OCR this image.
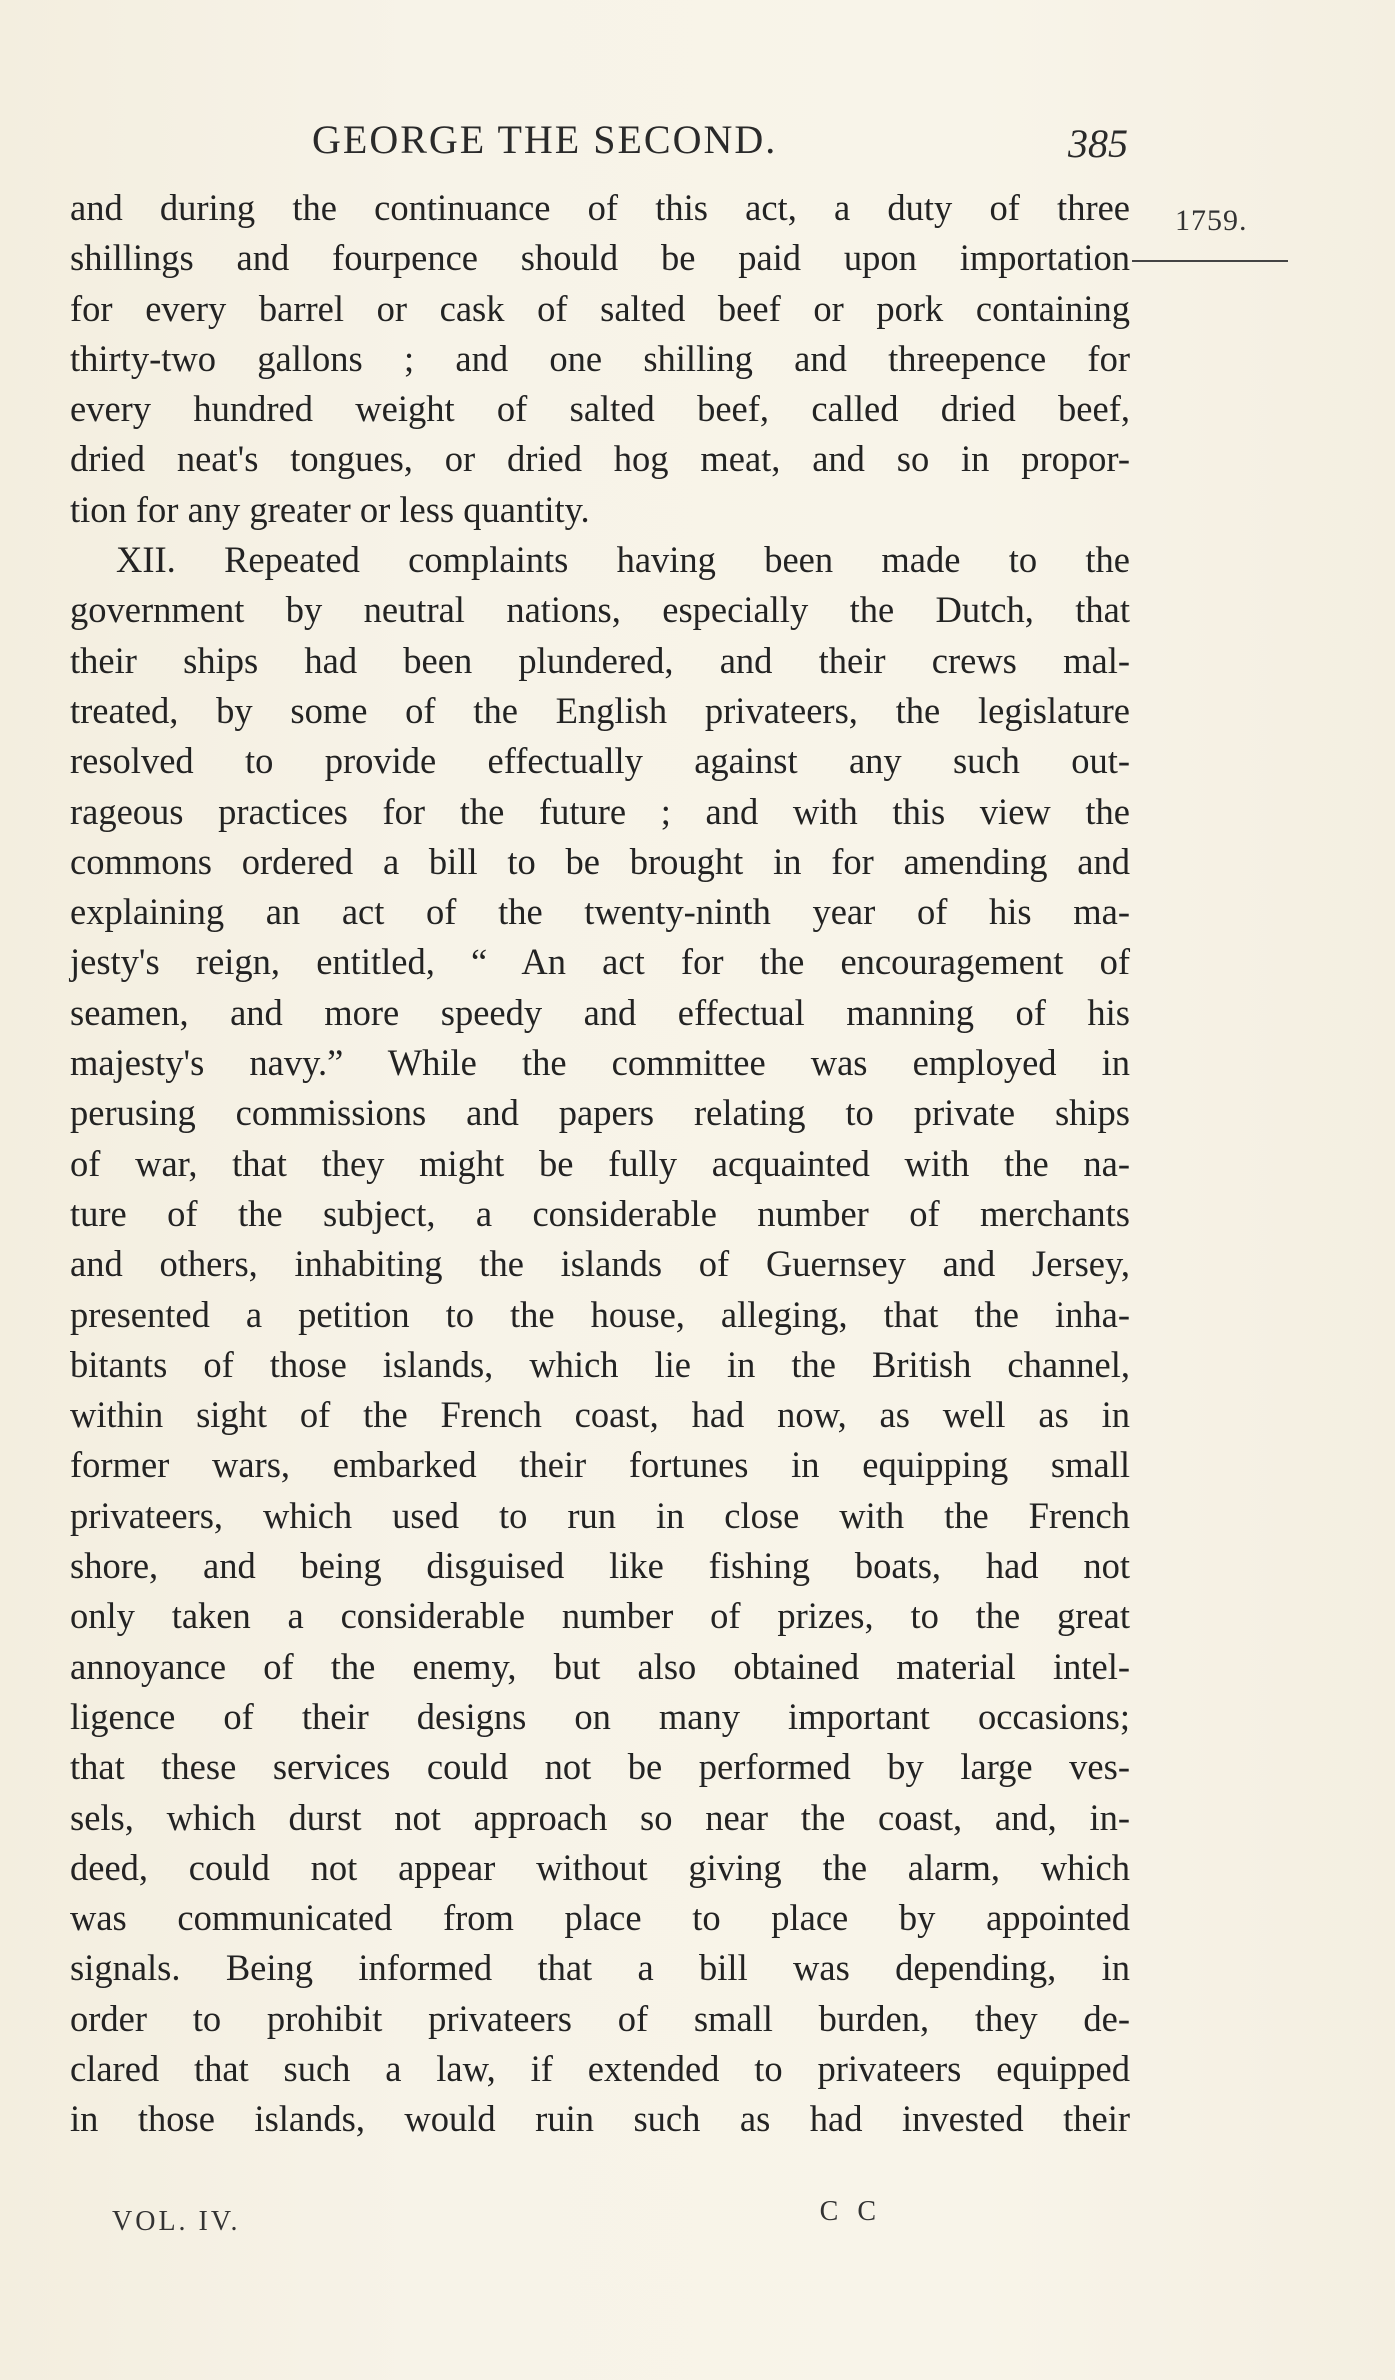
GEORGE THE SECOND.	385
1759.
and during the continuance of this act, a duty of three
shillings and fourpence should be paid upon importation
for every barrel or cask of salted beef or pork containing
thirty-two gallons ; and one shilling and threepence for
every hundred weight of salted beef, called dried beef,
dried neat's tongues, or dried hog meat, and so in propor-
tion for any greater or less quantity.
XII. Repeated complaints having been made to the
government by neutral nations, especially the Dutch, that
their ships had been plundered, and their crews mal-
treated, by some of the English privateers, the legislature
resolved to provide effectually against any such out-
rageous practices for the future ; and with this view the
commons ordered a bill to be brought in for amending and
explaining an act of the twenty-ninth year of his ma-
jesty's reign, entitled, “ An act for the encouragement of
seamen, and more speedy and effectual manning of his
majesty's navy.” While the committee was employed in
perusing commissions and papers relating to private ships
of war, that they might be fully acquainted with the na-
ture of the subject, a considerable number of merchants
and others, inhabiting the islands of Guernsey and Jersey,
presented a petition to the house, alleging, that the inha-
bitants of those islands, which lie in the British channel,
within sight of the French coast, had now, as well as in
former wars, embarked their fortunes in equipping small
privateers, which used to run in close with the French
shore, and being disguised like fishing boats, had not
only taken a considerable number of prizes, to the great
annoyance of the enemy, but also obtained material intel-
ligence of their designs on many important occasions;
that these services could not be performed by large ves-
sels, which durst not approach so near the coast, and, in-
deed, could not appear without giving the alarm, which
was communicated from place to place by appointed
signals. Being informed that a bill was depending, in
order to prohibit privateers of small burden, they de-
clared that such a law, if extended to privateers equipped
in those islands, would ruin such as had invested their
VOL. IV.	C C
